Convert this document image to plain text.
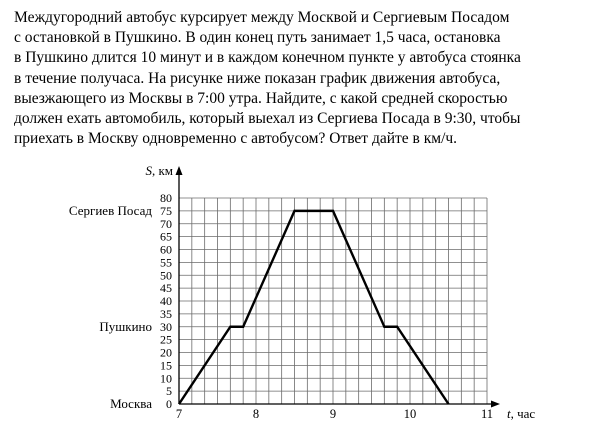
Междугородний автобус курсирует между Москвой и Сергиевым Посадом
с остановкой в Пушкино. В один конец путь занимает 1,5 часа, остановка
в Пушкино длится 10 минут и в каждом конечном пункте у автобуса стоянка
в течение получаса. На рисунке ниже показан график движения автобуса,
выезжающего из Москвы в 7:00 утра. Найдите, с какой средней скоростью
должен ехать автомобиль, который выехал из Сергиева Посада в 9:30, чтобы
приехать в Москву одновременно с автобусом? Ответ дайте в км/ч.
0
5
10
15
20
25
30
35
40
45
50
55
60
65
70
75
80
7	8	9	10	11
Москва
Пушкино
Сергиев Посад
S, км
t, час
